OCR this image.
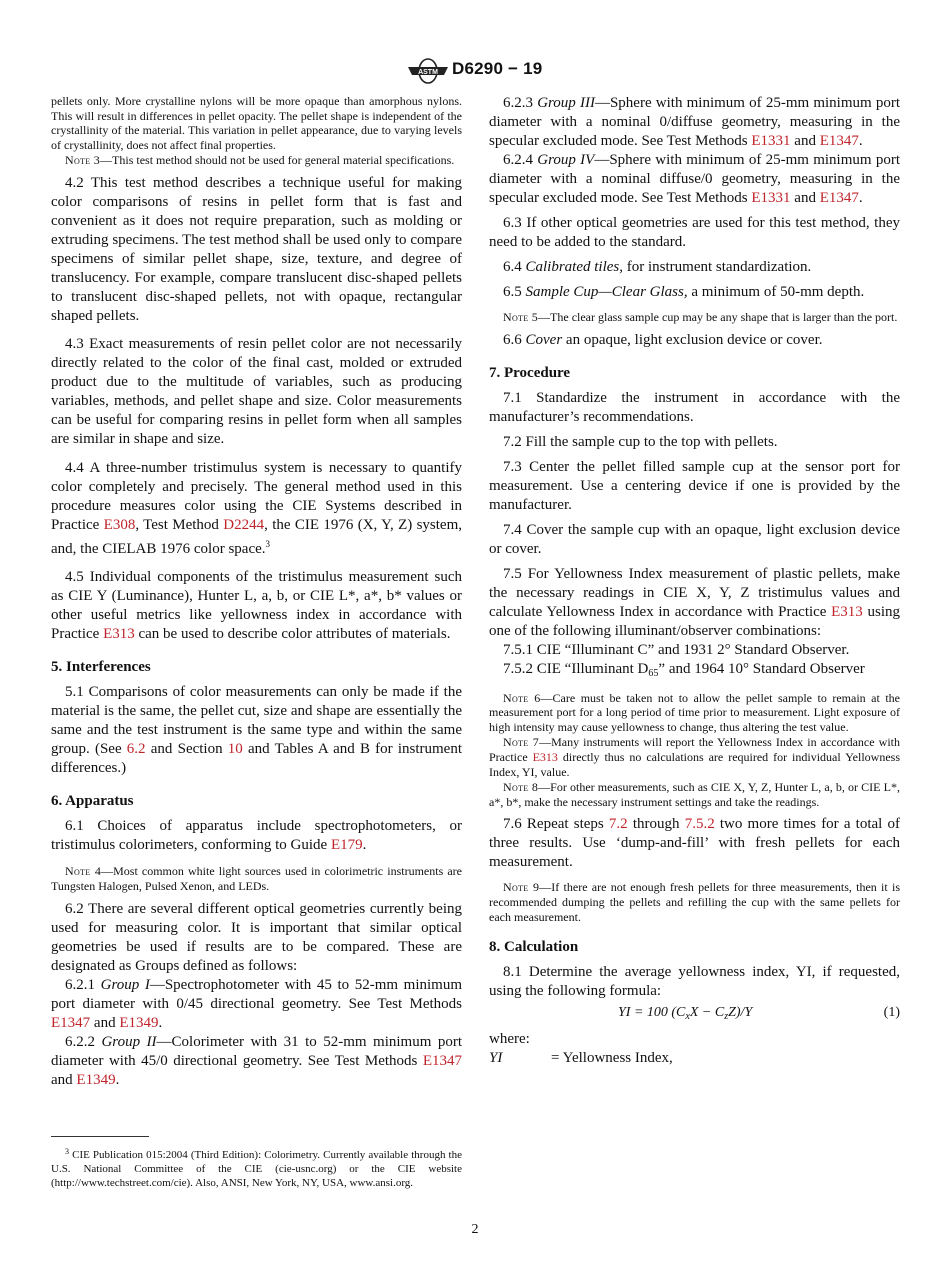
ASTM D6290 − 19

pellets only. More crystalline nylons will be more opaque than amorphous nylons. This will result in differences in pellet opacity. The pellet shape is independent of the crystallinity of the material. This variation in pellet appearance, due to varying levels of crystallinity, does not affect final properties.

Note 3—This test method should not be used for general material specifications.

4.2 This test method describes a technique useful for making color comparisons of resins in pellet form that is fast and convenient as it does not require preparation, such as molding or extruding specimens. The test method shall be used only to compare specimens of similar pellet shape, size, texture, and degree of translucency. For example, compare translucent disc-shaped pellets to translucent disc-shaped pellets, not with opaque, rectangular shaped pellets.

4.3 Exact measurements of resin pellet color are not necessarily directly related to the color of the final cast, molded or extruded product due to the multitude of variables, such as producing variables, methods, and pellet shape and size. Color measurements can be useful for comparing resins in pellet form when all samples are similar in shape and size.

4.4 A three-number tristimulus system is necessary to quantify color completely and precisely. The general method used in this procedure measures color using the CIE Systems described in Practice E308, Test Method D2244, the CIE 1976 (X, Y, Z) system, and, the CIELAB 1976 color space.$^3$

4.5 Individual components of the tristimulus measurement such as CIE Y (Luminance), Hunter L, a, b, or CIE L*, a*, b* values or other useful metrics like yellowness index in accordance with Practice E313 can be used to describe color attributes of materials.

5. Interferences

5.1 Comparisons of color measurements can only be made if the material is the same, the pellet cut, size and shape are essentially the same and the test instrument is the same type and within the same group. (See 6.2 and Section 10 and Tables A and B for instrument differences.)

6. Apparatus

6.1 Choices of apparatus include spectrophotometers, or tristimulus colorimeters, conforming to Guide E179.

Note 4—Most common white light sources used in colorimetric instruments are Tungsten Halogen, Pulsed Xenon, and LEDs.

6.2 There are several different optical geometries currently being used for measuring color. It is important that similar optical geometries be used if results are to be compared. These are designated as Groups defined as follows:

6.2.1 Group I—Spectrophotometer with 45 to 52-mm minimum port diameter with 0/45 directional geometry. See Test Methods E1347 and E1349.

6.2.2 Group II—Colorimeter with 31 to 52-mm minimum port diameter with 45/0 directional geometry. See Test Methods E1347 and E1349.

$^3$ CIE Publication 015:2004 (Third Edition): Colorimetry. Currently available through the U.S. National Committee of the CIE (cie-usnc.org) or the CIE website (http://www.techstreet.com/cie). Also, ANSI, New York, NY, USA, www.ansi.org.

6.2.3 Group III—Sphere with minimum of 25-mm minimum port diameter with a nominal 0/diffuse geometry, measuring in the specular excluded mode. See Test Methods E1331 and E1347.

6.2.4 Group IV—Sphere with minimum of 25-mm minimum port diameter with a nominal diffuse/0 geometry, measuring in the specular excluded mode. See Test Methods E1331 and E1347.

6.3 If other optical geometries are used for this test method, they need to be added to the standard.

6.4 Calibrated tiles, for instrument standardization.

6.5 Sample Cup—Clear Glass, a minimum of 50-mm depth.

Note 5—The clear glass sample cup may be any shape that is larger than the port.

6.6 Cover an opaque, light exclusion device or cover.

7. Procedure

7.1 Standardize the instrument in accordance with the manufacturer’s recommendations.

7.2 Fill the sample cup to the top with pellets.

7.3 Center the pellet filled sample cup at the sensor port for measurement. Use a centering device if one is provided by the manufacturer.

7.4 Cover the sample cup with an opaque, light exclusion device or cover.

7.5 For Yellowness Index measurement of plastic pellets, make the necessary readings in CIE X, Y, Z tristimulus values and calculate Yellowness Index in accordance with Practice E313 using one of the following illuminant/observer combinations:

7.5.1 CIE “Illuminant C” and 1931 2° Standard Observer.

7.5.2 CIE “Illuminant $D_{65}$” and 1964 10° Standard Observer

Note 6—Care must be taken not to allow the pellet sample to remain at the measurement port for a long period of time prior to measurement. Light exposure of high intensity may cause yellowness to change, thus altering the test value.

Note 7—Many instruments will report the Yellowness Index in accordance with Practice E313 directly thus no calculations are required for individual Yellowness Index, YI, value.

Note 8—For other measurements, such as CIE X, Y, Z, Hunter L, a, b, or CIE L*, a*, b*, make the necessary instrument settings and take the readings.

7.6 Repeat steps 7.2 through 7.5.2 two more times for a total of three results. Use ‘dump-and-fill’ with fresh pellets for each measurement.

Note 9—If there are not enough fresh pellets for three measurements, then it is recommended dumping the pellets and refilling the cup with the same pellets for each measurement.

8. Calculation

8.1 Determine the average yellowness index, YI, if requested, using the following formula:

YI = 100 $(C_xX - C_zZ)/Y$	(1)

where:

YI	= Yellowness Index,
2
